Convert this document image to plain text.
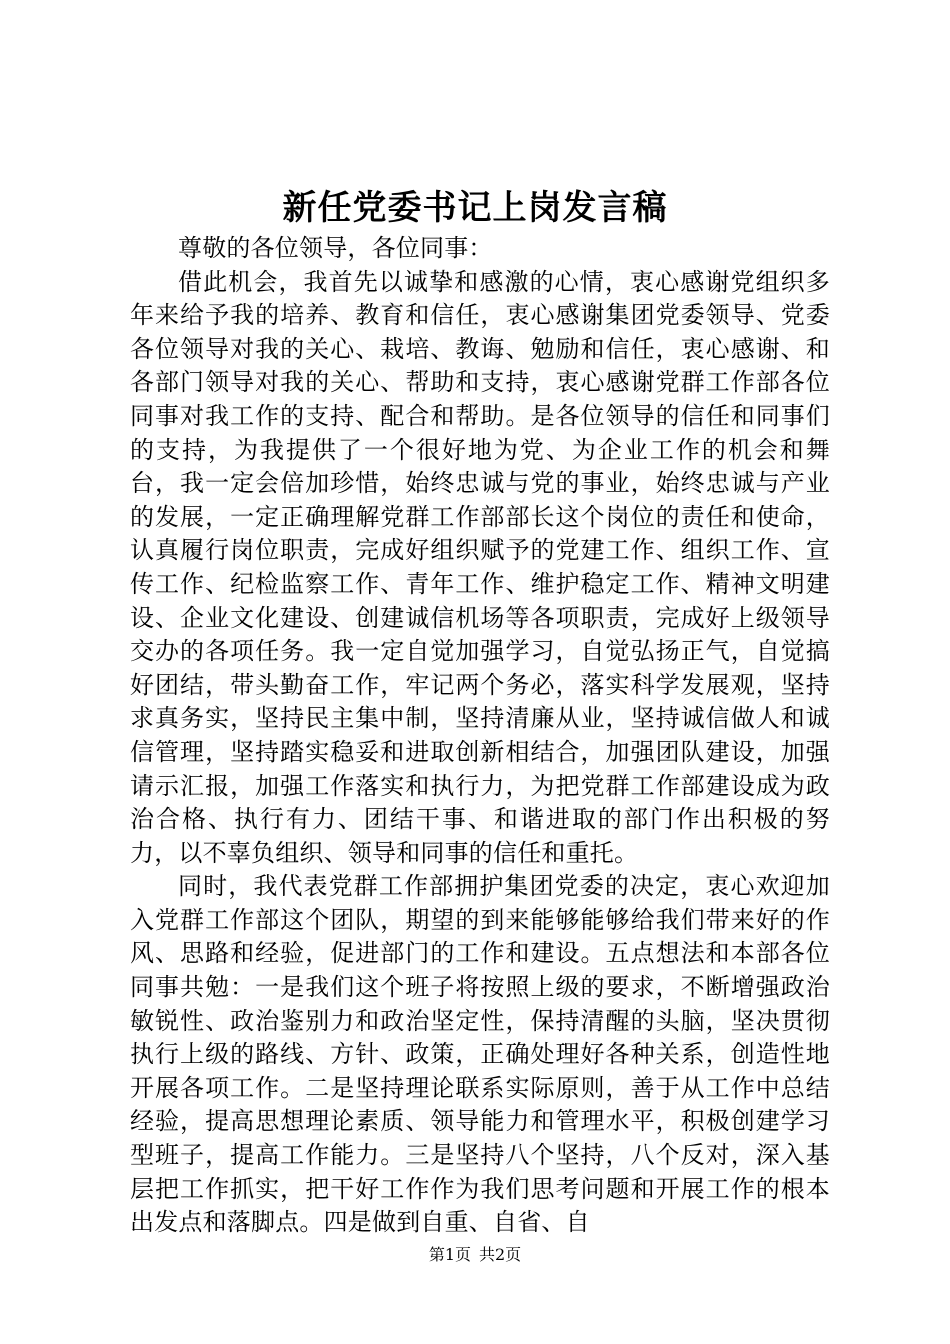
新任党委书记上岗发言稿

尊敬的各位领导，各位同事：

借此机会，我首先以诚挚和感激的心情，衷心感谢党组织多年来给予我的培养、教育和信任，衷心感谢集团党委领导、党委各位领导对我的关心、栽培、教诲、勉励和信任，衷心感谢、和各部门领导对我的关心、帮助和支持，衷心感谢党群工作部各位同事对我工作的支持、配合和帮助。是各位领导的信任和同事们的支持，为我提供了一个很好地为党、为企业工作的机会和舞台，我一定会倍加珍惜，始终忠诚与党的事业，始终忠诚与产业的发展，一定正确理解党群工作部部长这个岗位的责任和使命，认真履行岗位职责，完成好组织赋予的党建工作、组织工作、宣传工作、纪检监察工作、青年工作、维护稳定工作、精神文明建设、企业文化建设、创建诚信机场等各项职责，完成好上级领导交办的各项任务。我一定自觉加强学习，自觉弘扬正气，自觉搞好团结，带头勤奋工作，牢记两个务必，落实科学发展观，坚持求真务实，坚持民主集中制，坚持清廉从业，坚持诚信做人和诚信管理，坚持踏实稳妥和进取创新相结合，加强团队建设，加强请示汇报，加强工作落实和执行力，为把党群工作部建设成为政治合格、执行有力、团结干事、和谐进取的部门作出积极的努力，以不辜负组织、领导和同事的信任和重托。

同时，我代表党群工作部拥护集团党委的决定，衷心欢迎加入党群工作部这个团队，期望的到来能够能够给我们带来好的作风、思路和经验，促进部门的工作和建设。五点想法和本部各位同事共勉：一是我们这个班子将按照上级的要求，不断增强政治敏锐性、政治鉴别力和政治坚定性，保持清醒的头脑，坚决贯彻执行上级的路线、方针、政策，正确处理好各种关系，创造性地开展各项工作。二是坚持理论联系实际原则，善于从工作中总结经验，提高思想理论素质、领导能力和管理水平，积极创建学习型班子，提高工作能力。三是坚持八个坚持，八个反对，深入基层把工作抓实，把干好工作作为我们思考问题和开展工作的根本出发点和落脚点。四是做到自重、自省、自

第1页 共2页
